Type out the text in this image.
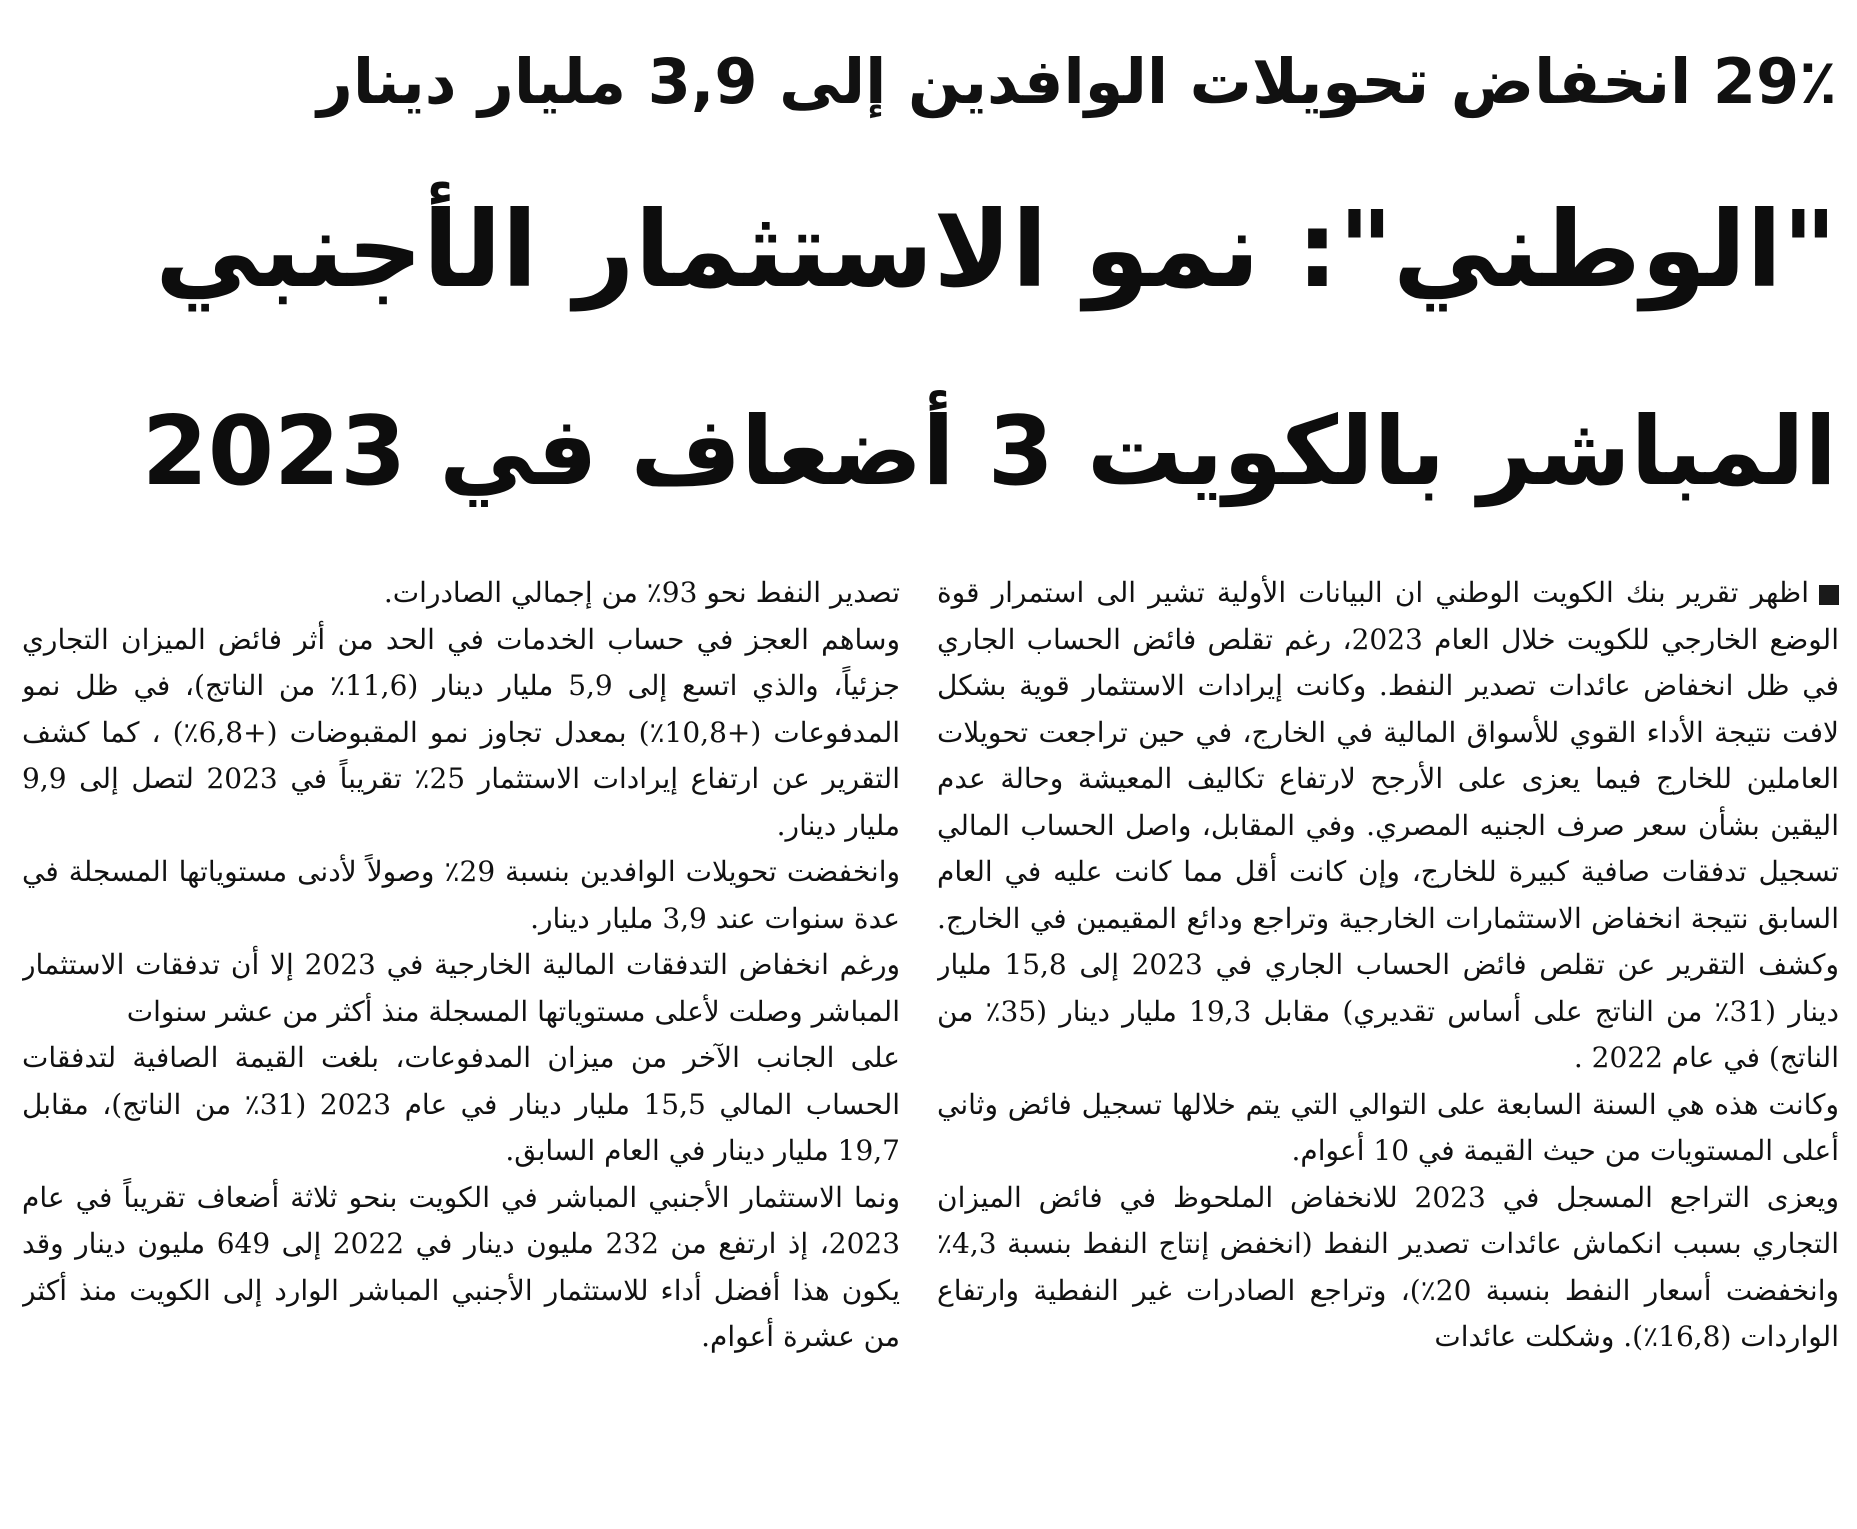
29٪ انخفاض تحويلات الوافدين إلى 3,9 مليار دينار
"الوطني": نمو الاستثمار الأجنبي
المباشر بالكويت 3 أضعاف في 2023

اظهر تقرير بنك الكويت الوطني ان البيانات الأولية تشير الى استمرار قوة الوضع الخارجي للكويت خلال العام 2023، رغم تقلص فائض الحساب الجاري في ظل انخفاض عائدات تصدير النفط. وكانت إيرادات الاستثمار قوية بشكل لافت نتيجة الأداء القوي للأسواق المالية في الخارج، في حين تراجعت تحويلات العاملين للخارج فيما يعزى على الأرجح لارتفاع تكاليف المعيشة وحالة عدم اليقين بشأن سعر صرف الجنيه المصري. وفي المقابل، واصل الحساب المالي تسجيل تدفقات صافية كبيرة للخارج، وإن كانت أقل مما كانت عليه في العام السابق نتيجة انخفاض الاستثمارات الخارجية وتراجع ودائع المقيمين في الخارج. وكشف التقرير عن تقلص فائض الحساب الجاري في 2023 إلى 15,8 مليار دينار (31٪ من الناتج على أساس تقديري) مقابل 19,3 مليار دينار (35٪ من الناتج) في عام 2022 .

وكانت هذه هي السنة السابعة على التوالي التي يتم خلالها تسجيل فائض وثاني أعلى المستويات من حيث القيمة في 10 أعوام.

ويعزى التراجع المسجل في 2023 للانخفاض الملحوظ في فائض الميزان التجاري بسبب انكماش عائدات تصدير النفط (انخفض إنتاج النفط بنسبة 4,3٪ وانخفضت أسعار النفط بنسبة 20٪)، وتراجع الصادرات غير النفطية وارتفاع الواردات (16,8٪). وشكلت عائدات

تصدير النفط نحو 93٪ من إجمالي الصادرات.

وساهم العجز في حساب الخدمات في الحد من أثر فائض الميزان التجاري جزئياً، والذي اتسع إلى 5,9 مليار دينار (11,6٪ من الناتج)، في ظل نمو المدفوعات (+10,8٪) بمعدل تجاوز نمو المقبوضات (+6,8٪) ، كما كشف التقرير عن ارتفاع إيرادات الاستثمار 25٪ تقريباً في 2023 لتصل إلى 9,9 مليار دينار.

وانخفضت تحويلات الوافدين بنسبة 29٪ وصولاً لأدنى مستوياتها المسجلة في عدة سنوات عند 3,9 مليار دينار.

ورغم انخفاض التدفقات المالية الخارجية في 2023 إلا أن تدفقات الاستثمار المباشر وصلت لأعلى مستوياتها المسجلة منذ أكثر من عشر سنوات

على الجانب الآخر من ميزان المدفوعات، بلغت القيمة الصافية لتدفقات الحساب المالي 15,5 مليار دينار في عام 2023 (31٪ من الناتج)، مقابل 19,7 مليار دينار في العام السابق.

ونما الاستثمار الأجنبي المباشر في الكويت بنحو ثلاثة أضعاف تقريباً في عام 2023، إذ ارتفع من 232 مليون دينار في 2022 إلى 649 مليون دينار وقد يكون هذا أفضل أداء للاستثمار الأجنبي المباشر الوارد إلى الكويت منذ أكثر من عشرة أعوام.
